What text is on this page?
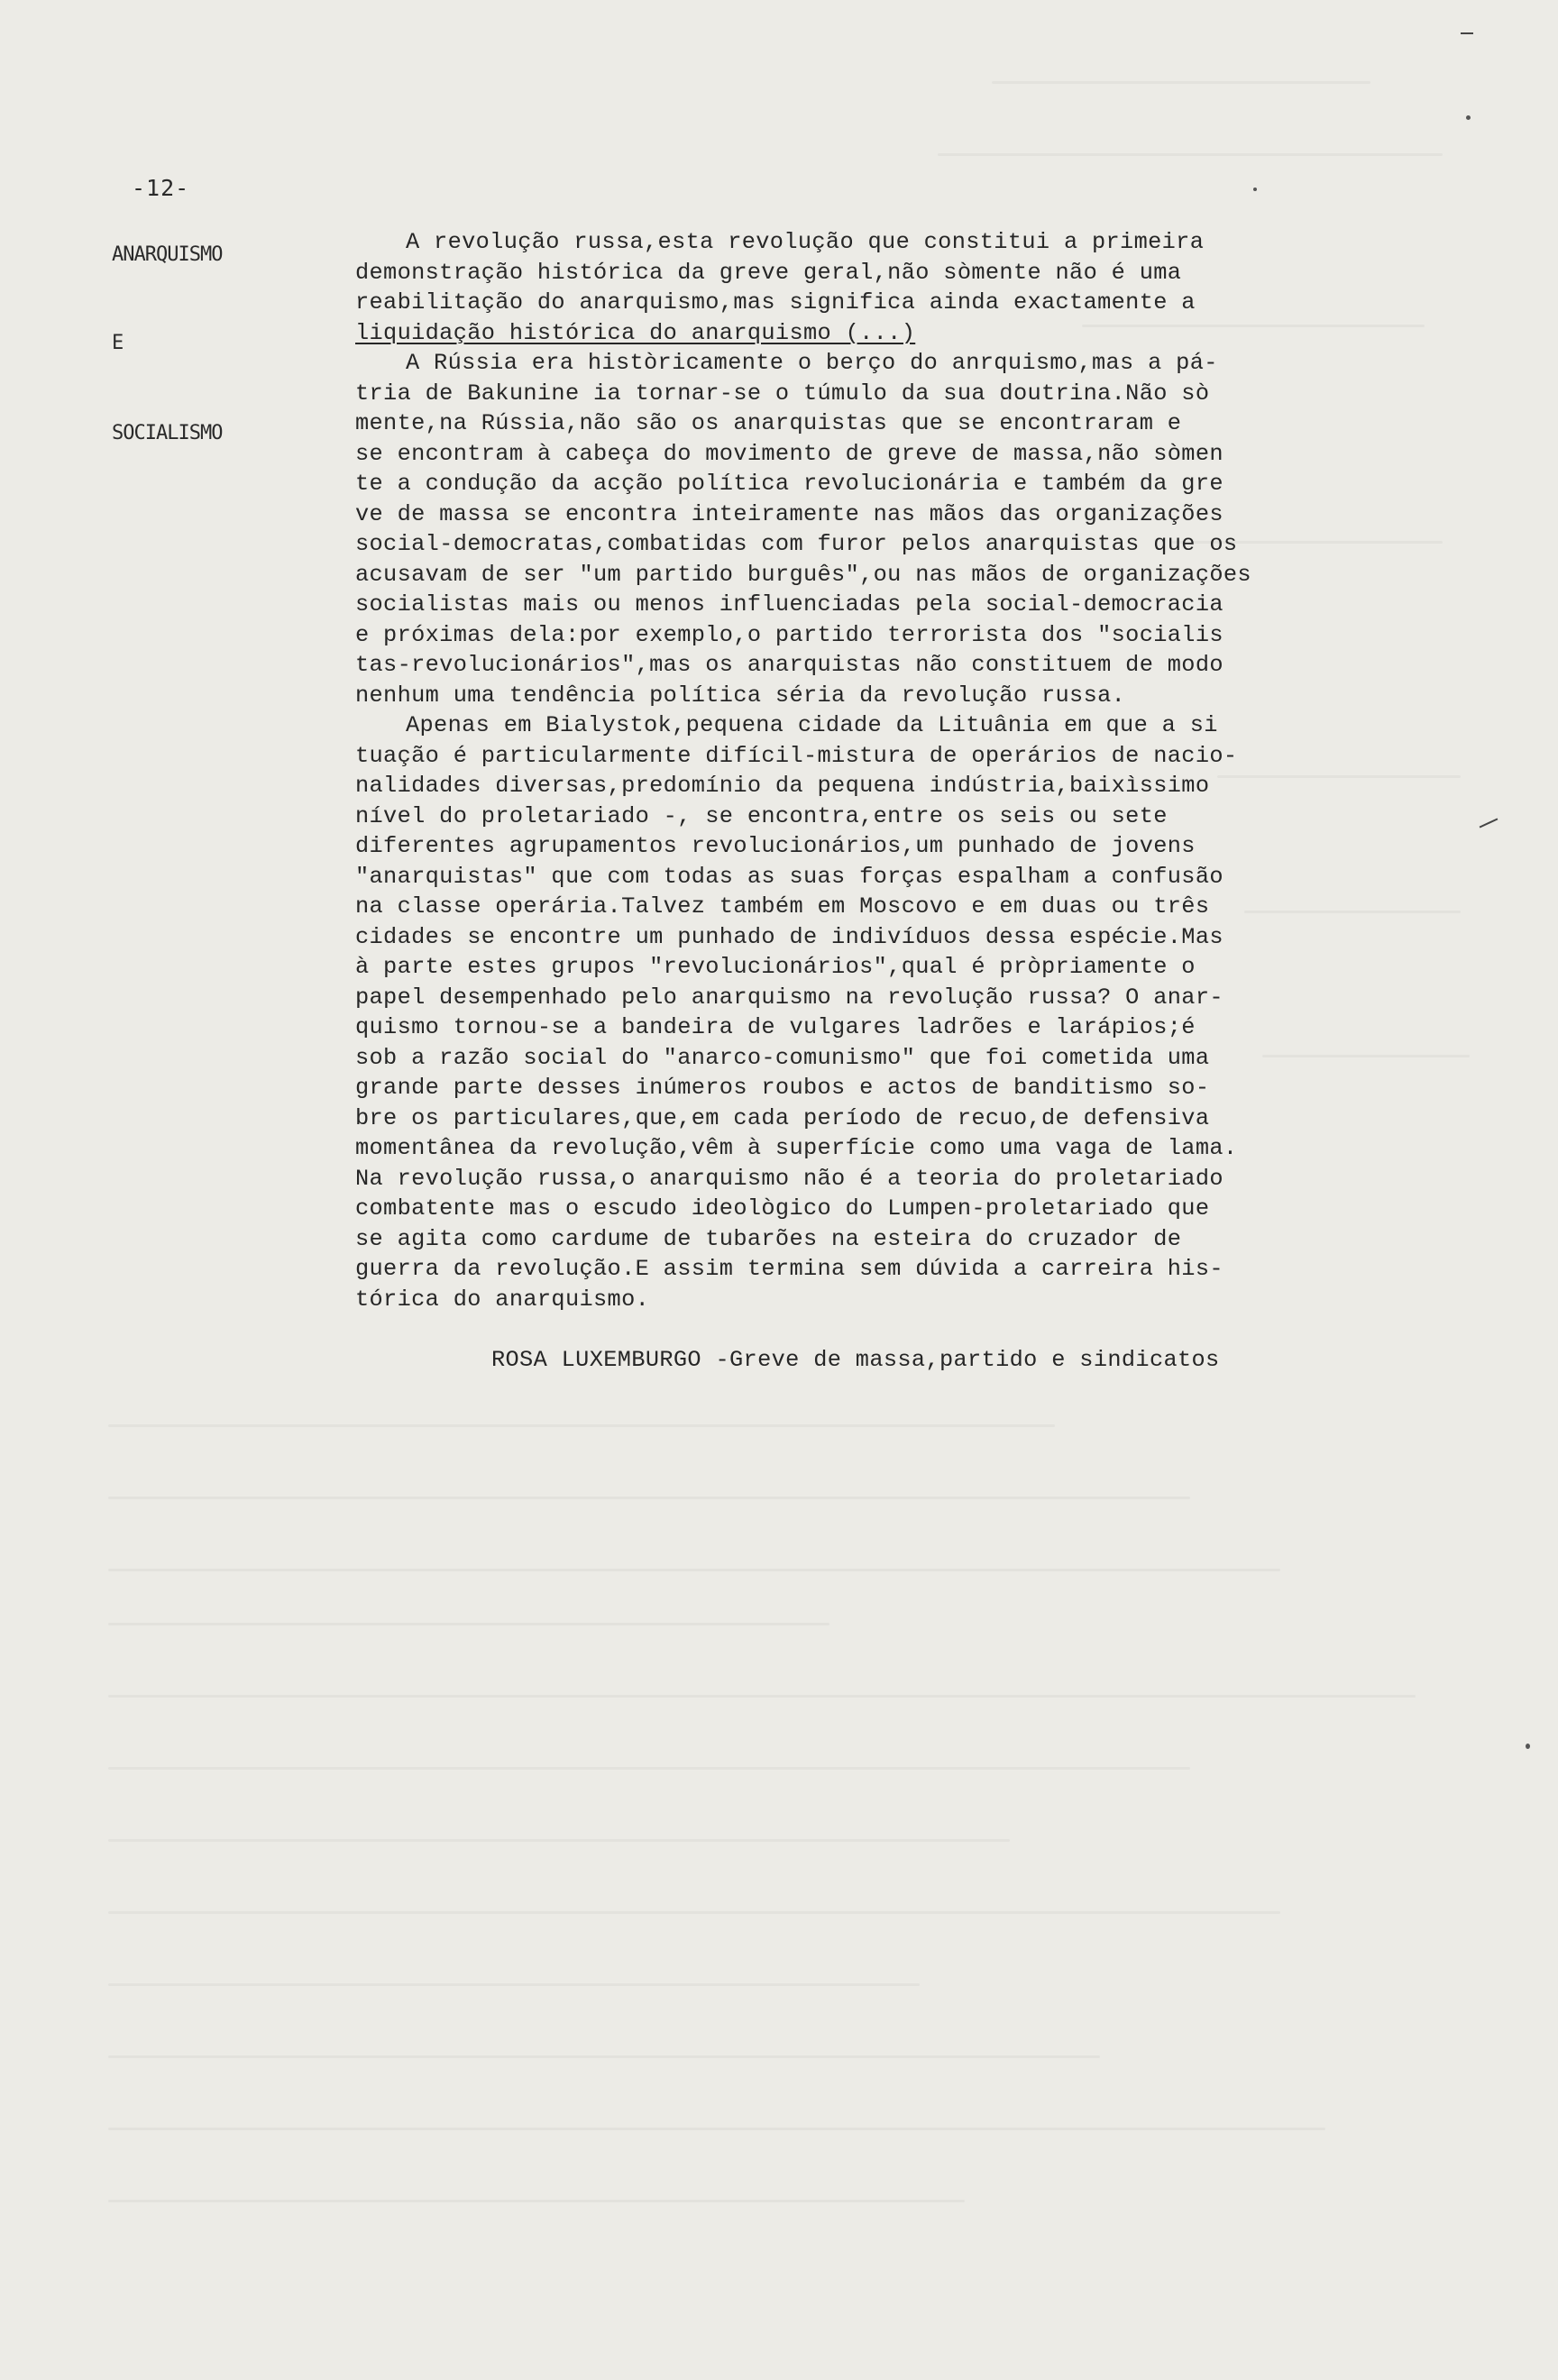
-12-
ANARQUISMO
E
SOCIALISMO
A revolução russa,esta revolução que constitui a primeira
demonstração histórica da greve geral,não sòmente não é uma
reabilitação do anarquismo,mas significa ainda exactamente a
liquidação histórica do anarquismo (...)
A Rússia era històricamente o berço do anrquismo,mas a pá-
tria de Bakunine ia tornar-se o túmulo da sua doutrina.Não sò
mente,na Rússia,não são os anarquistas que se encontraram e
se encontram à cabeça do movimento de greve de massa,não sòmen
te a condução da acção política revolucionária e também da gre
ve de massa se encontra inteiramente nas mãos das organizações
social-democratas,combatidas com furor pelos anarquistas que os
acusavam de ser "um partido burguês",ou nas mãos de organizações
socialistas mais ou menos influenciadas pela social-democracia
e próximas dela:por exemplo,o partido terrorista dos "socialis
tas-revolucionários",mas os anarquistas não constituem de modo
nenhum uma tendência política séria da revolução russa.
Apenas em Bialystok,pequena cidade da Lituânia em que a si
tuação é particularmente difícil-mistura de operários de nacio-
nalidades diversas,predomínio da pequena indústria,baixìssimo
nível do proletariado -, se encontra,entre os seis ou sete
diferentes agrupamentos revolucionários,um punhado de jovens
"anarquistas" que com todas as suas forças espalham a confusão
na classe operária.Talvez também em Moscovo e em duas ou três
cidades se encontre um punhado de indivíduos dessa espécie.Mas
à parte estes grupos "revolucionários",qual é pròpriamente o
papel desempenhado pelo anarquismo na revolução russa? O anar-
quismo tornou-se a bandeira de vulgares ladrões e larápios;é
sob a razão social do "anarco-comunismo" que foi cometida uma
grande parte desses inúmeros roubos e actos de banditismo so-
bre os particulares,que,em cada período de recuo,de defensiva
momentânea da revolução,vêm à superfície como uma vaga de lama.
Na revolução russa,o anarquismo não é a teoria do proletariado
combatente mas o escudo ideològico do Lumpen-proletariado que
se agita como cardume de tubarões na esteira do cruzador de
guerra da revolução.E assim termina sem dúvida a carreira his-
tórica do anarquismo.
ROSA LUXEMBURGO -Greve de massa,partido e sindicatos
